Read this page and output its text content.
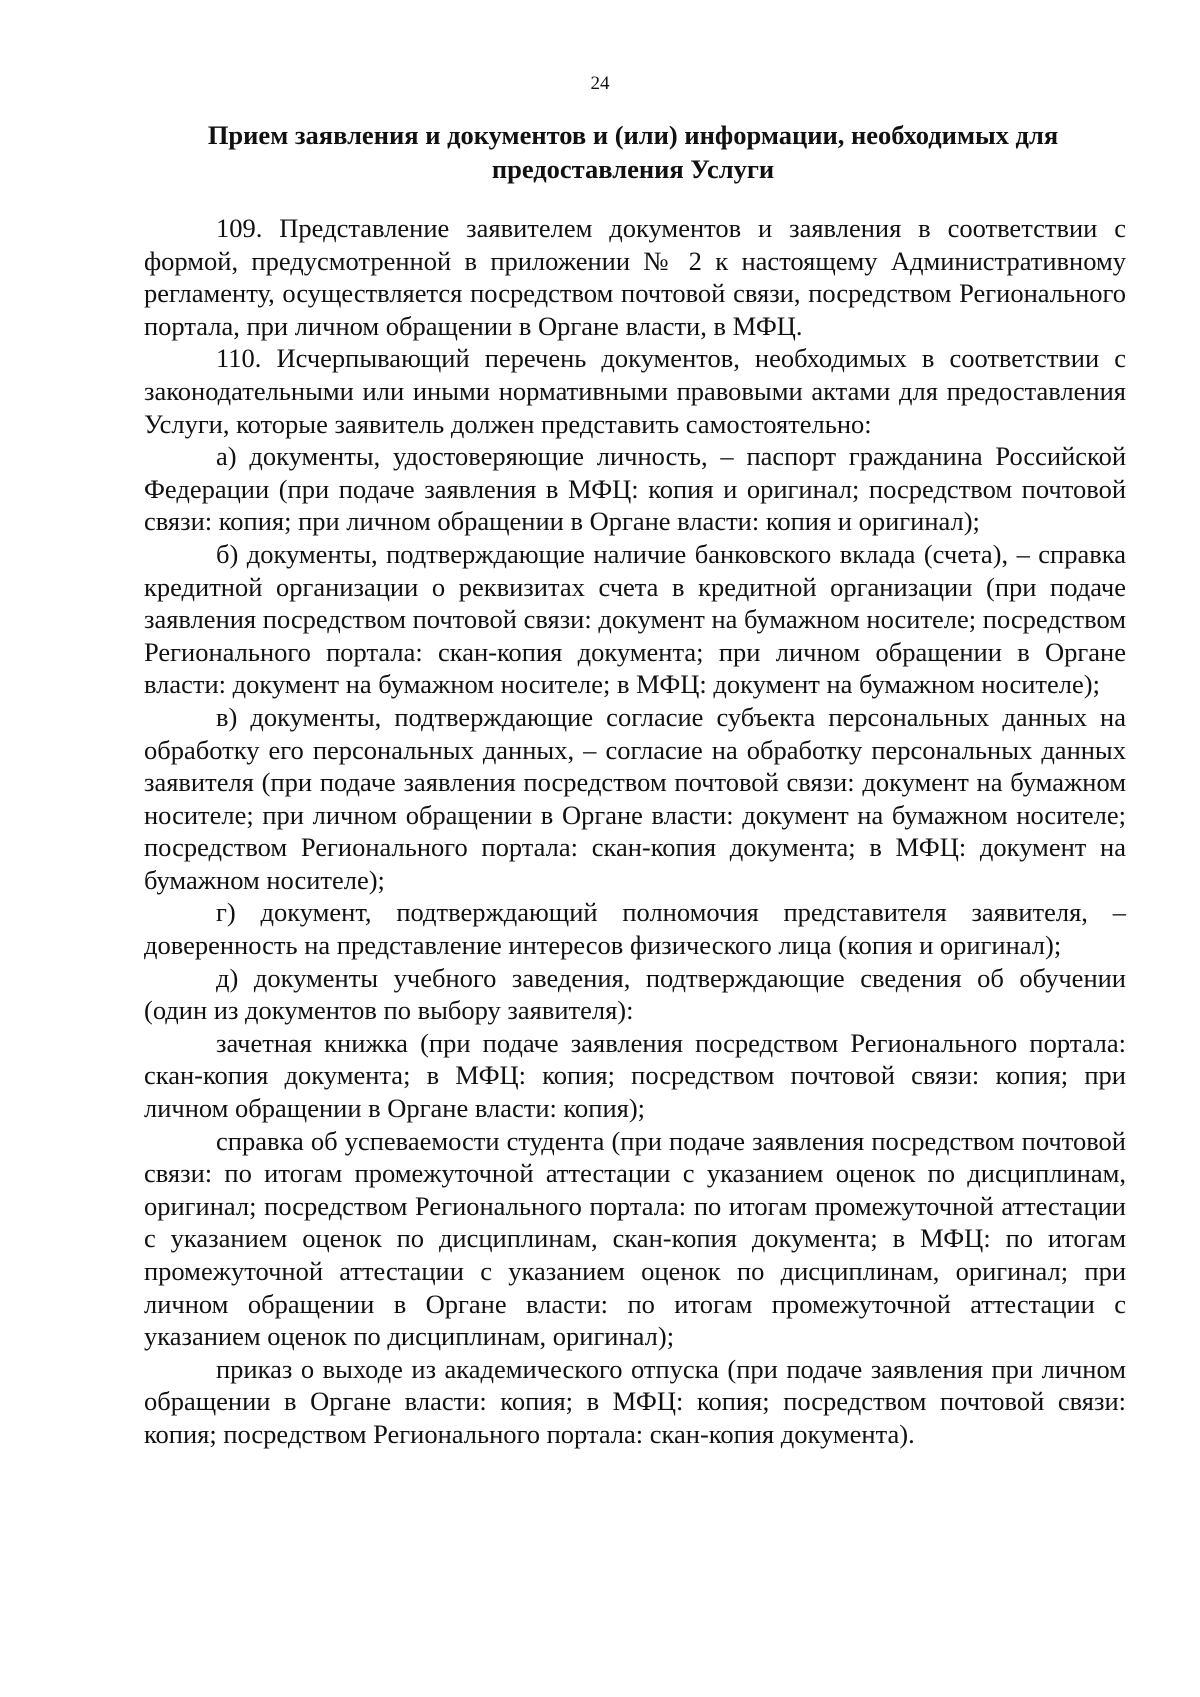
24
Прием заявления и документов и (или) информации, необходимых для
предоставления Услуги

109. Представление заявителем документов и заявления в соответствии с формой, предусмотренной в приложении № 2 к настоящему Административному регламенту, осуществляется посредством почтовой связи, посредством Регионального портала, при личном обращении в Органе власти, в МФЦ.

110. Исчерпывающий перечень документов, необходимых в соответствии с законодательными или иными нормативными правовыми актами для предоставления Услуги, которые заявитель должен представить самостоятельно:

а) документы, удостоверяющие личность, – паспорт гражданина Российской Федерации (при подаче заявления в МФЦ: копия и оригинал; посредством почтовой связи: копия; при личном обращении в Органе власти: копия и оригинал);

б) документы, подтверждающие наличие банковского вклада (счета), – справка кредитной организации о реквизитах счета в кредитной организации (при подаче заявления посредством почтовой связи: документ на бумажном носителе; посредством Регионального портала: скан-копия документа; при личном обращении в Органе власти: документ на бумажном носителе; в МФЦ: документ на бумажном носителе);

в) документы, подтверждающие согласие субъекта персональных данных на обработку его персональных данных, – согласие на обработку персональных данных заявителя (при подаче заявления посредством почтовой связи: документ на бумажном носителе; при личном обращении в Органе власти: документ на бумажном носителе; посредством Регионального портала: скан-копия документа; в МФЦ: документ на бумажном носителе);

г) документ, подтверждающий полномочия представителя заявителя, – доверенность на представление интересов физического лица (копия и оригинал);

д) документы учебного заведения, подтверждающие сведения об обучении (один из документов по выбору заявителя):

зачетная книжка (при подаче заявления посредством Регионального портала: скан-копия документа; в МФЦ: копия; посредством почтовой связи: копия; при личном обращении в Органе власти: копия);

справка об успеваемости студента (при подаче заявления посредством почтовой связи: по итогам промежуточной аттестации с указанием оценок по дисциплинам, оригинал; посредством Регионального портала: по итогам промежуточной аттестации с указанием оценок по дисциплинам, скан-копия документа; в МФЦ: по итогам промежуточной аттестации с указанием оценок по дисциплинам, оригинал; при личном обращении в Органе власти: по итогам промежуточной аттестации с указанием оценок по дисциплинам, оригинал);

приказ о выходе из академического отпуска (при подаче заявления при личном обращении в Органе власти: копия; в МФЦ: копия; посредством почтовой связи: копия; посредством Регионального портала: скан-копия документа).
